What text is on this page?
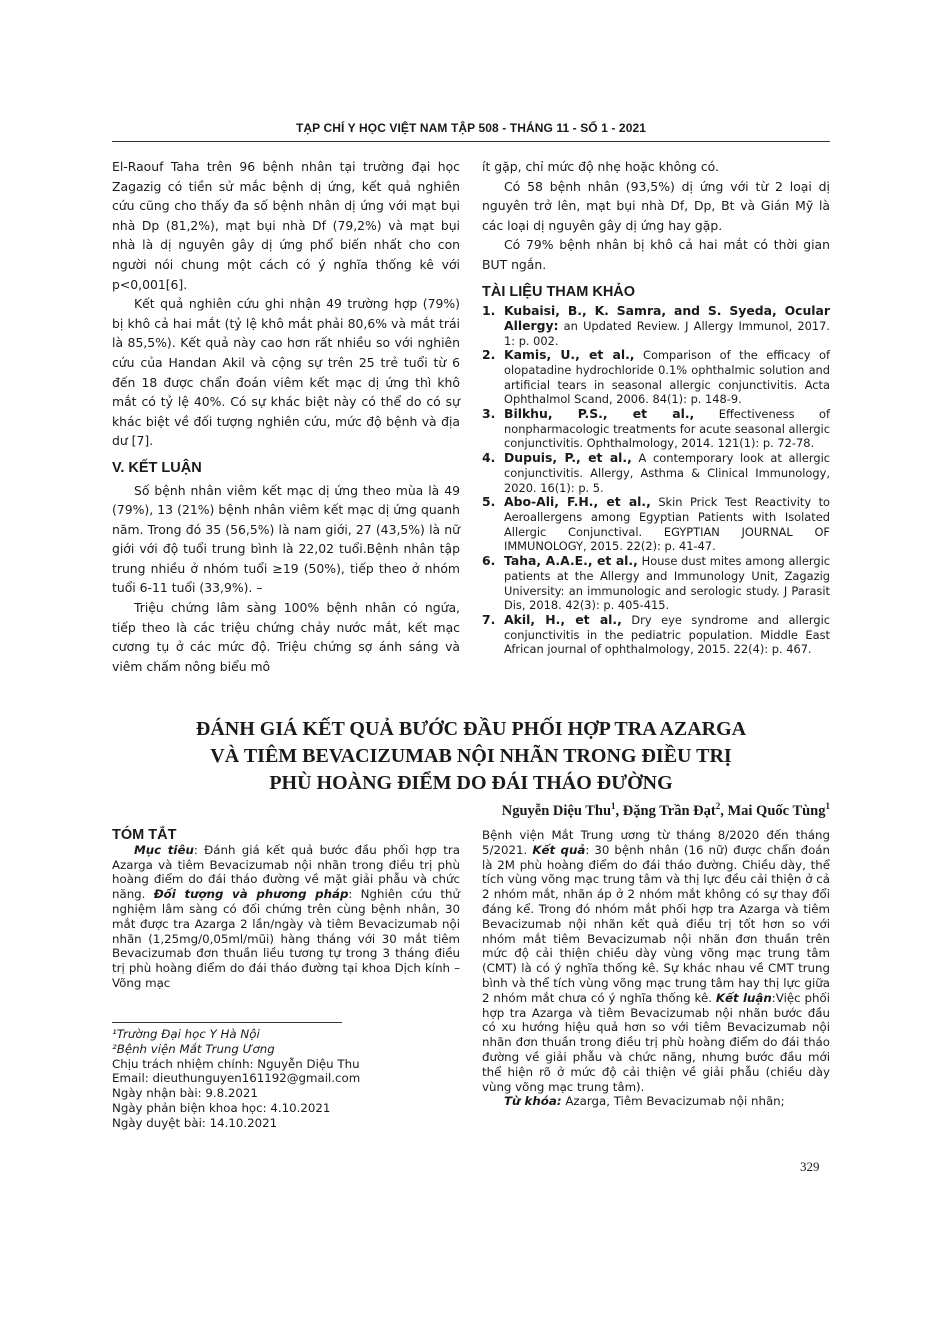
TẠP CHÍ Y HỌC VIỆT NAM TẬP 508 - THÁNG 11 - SỐ 1 - 2021

El-Raouf Taha trên 96 bệnh nhân tại trường đại học Zagazig có tiền sử mắc bệnh dị ứng, kết quả nghiên cứu cũng cho thấy đa số bệnh nhân dị ứng với mạt bụi nhà Dp (81,2%), mạt bụi nhà Df (79,2%) và mạt bụi nhà là dị nguyên gây dị ứng phổ biến nhất cho con người nói chung một cách có ý nghĩa thống kê với p<0,001[6].

Kết quả nghiên cứu ghi nhận 49 trường hợp (79%) bị khô cả hai mắt (tỷ lệ khô mắt phải 80,6% và mắt trái là 85,5%). Kết quả này cao hơn rất nhiều so với nghiên cứu của Handan Akil và cộng sự trên 25 trẻ tuổi từ 6 đến 18 được chẩn đoán viêm kết mạc dị ứng thì khô mắt có tỷ lệ 40%. Có sự khác biệt này có thể do có sự khác biệt về đối tượng nghiên cứu, mức độ bệnh và địa dư [7].

V. KẾT LUẬN

Số bệnh nhân viêm kết mạc dị ứng theo mùa là 49 (79%), 13 (21%) bệnh nhân viêm kết mạc dị ứng quanh năm. Trong đó 35 (56,5%) là nam giới, 27 (43,5%) là nữ giới với độ tuổi trung bình là 22,02 tuổi.Bệnh nhân tập trung nhiều ở nhóm tuổi ≥19 (50%), tiếp theo ở nhóm tuổi 6-11 tuổi (33,9%). –

Triệu chứng lâm sàng 100% bệnh nhân có ngứa, tiếp theo là các triệu chứng chảy nước mắt, kết mạc cương tụ ở các mức độ. Triệu chứng sợ ánh sáng và viêm chấm nông biểu mô

ít gặp, chỉ mức độ nhẹ hoặc không có.

Có 58 bệnh nhân (93,5%) dị ứng với từ 2 loại dị nguyên trở lên, mạt bụi nhà Df, Dp, Bt và Gián Mỹ là các loại dị nguyên gây dị ứng hay gặp.

Có 79% bệnh nhân bị khô cả hai mắt có thời gian BUT ngắn.

TÀI LIỆU THAM KHẢO
1. Kubaisi, B., K. Samra, and S. Syeda, Ocular Allergy: an Updated Review. J Allergy Immunol, 2017. 1: p. 002.
2. Kamis, U., et al., Comparison of the efficacy of olopatadine hydrochloride 0.1% ophthalmic solution and artificial tears in seasonal allergic conjunctivitis. Acta Ophthalmol Scand, 2006. 84(1): p. 148-9.
3. Bilkhu, P.S., et al., Effectiveness of nonpharmacologic treatments for acute seasonal allergic conjunctivitis. Ophthalmology, 2014. 121(1): p. 72-78.
4. Dupuis, P., et al., A contemporary look at allergic conjunctivitis. Allergy, Asthma & Clinical Immunology, 2020. 16(1): p. 5.
5. Abo-Ali, F.H., et al., Skin Prick Test Reactivity to Aeroallergens among Egyptian Patients with Isolated Allergic Conjunctival. EGYPTIAN JOURNAL OF IMMUNOLOGY, 2015. 22(2): p. 41-47.
6. Taha, A.A.E., et al., House dust mites among allergic patients at the Allergy and Immunology Unit, Zagazig University: an immunologic and serologic study. J Parasit Dis, 2018. 42(3): p. 405-415.
7. Akil, H., et al., Dry eye syndrome and allergic conjunctivitis in the pediatric population. Middle East African journal of ophthalmology, 2015. 22(4): p. 467.
ĐÁNH GIÁ KẾT QUẢ BƯỚC ĐẦU PHỐI HỢP TRA AZARGA
VÀ TIÊM BEVACIZUMAB NỘI NHÃN TRONG ĐIỀU TRỊ
PHÙ HOÀNG ĐIỂM DO ĐÁI THÁO ĐƯỜNG
Nguyễn Diệu Thu$^1$, Đặng Trần Đạt$^2$, Mai Quốc Tùng$^1$

TÓM TẮT

Mục tiêu: Đánh giá kết quả bước đầu phối hợp tra Azarga và tiêm Bevacizumab nội nhãn trong điều trị phù hoàng điểm do đái tháo đường về mặt giải phẫu và chức năng. Đối tượng và phương pháp: Nghiên cứu thử nghiệm lâm sàng có đối chứng trên cùng bệnh nhân, 30 mắt được tra Azarga 2 lần/ngày và tiêm Bevacizumab nội nhãn (1,25mg/0,05ml/mũi) hàng tháng với 30 mắt tiêm Bevacizumab đơn thuần liều tương tự trong 3 tháng điều trị phù hoàng điểm do đái tháo đường tại khoa Dịch kính – Võng mạc

¹Trường Đại học Y Hà Nội

²Bệnh viện Mắt Trung Ương

Chịu trách nhiệm chính: Nguyễn Diệu Thu

Email: dieuthunguyen161192@gmail.com

Ngày nhận bài: 9.8.2021

Ngày phản biện khoa học: 4.10.2021

Ngày duyệt bài: 14.10.2021

Bệnh viện Mắt Trung ương từ tháng 8/2020 đến tháng 5/2021. Kết quả: 30 bệnh nhân (16 nữ) được chẩn đoán là 2M phù hoàng điểm do đái tháo đường. Chiều dày, thể tích vùng võng mạc trung tâm và thị lực đều cải thiện ở cả 2 nhóm mắt, nhãn áp ở 2 nhóm mắt không có sự thay đổi đáng kể. Trong đó nhóm mắt phối hợp tra Azarga và tiêm Bevacizumab nội nhãn kết quả điều trị tốt hơn so với nhóm mắt tiêm Bevacizumab nội nhãn đơn thuần trên mức độ cải thiện chiều dày vùng võng mạc trung tâm (CMT) là có ý nghĩa thống kê. Sự khác nhau về CMT trung bình và thể tích vùng võng mạc trung tâm hay thị lực giữa 2 nhóm mắt chưa có ý nghĩa thống kê. Kết luận:Việc phối hợp tra Azarga và tiêm Bevacizumab nội nhãn bước đầu có xu hướng hiệu quả hơn so với tiêm Bevacizumab nội nhãn đơn thuần trong điều trị phù hoàng điểm do đái tháo đường về giải phẫu và chức năng, nhưng bước đầu mới thể hiện rõ ở mức độ cải thiện về giải phẫu (chiều dày vùng võng mạc trung tâm).

Từ khóa: Azarga, Tiêm Bevacizumab nội nhãn;

329
